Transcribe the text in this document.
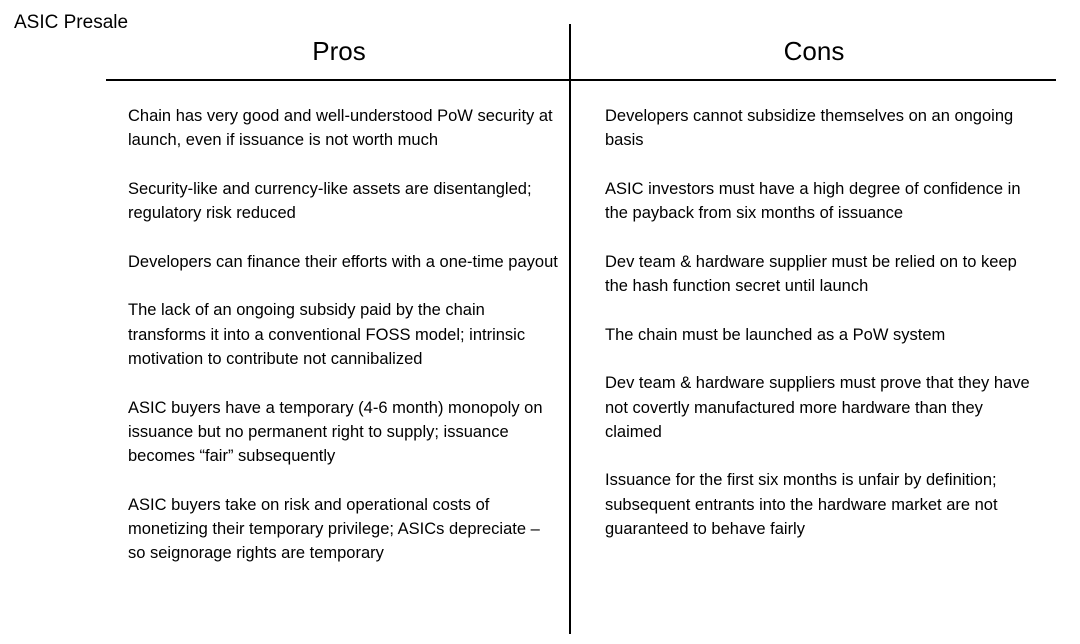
ASIC Presale
Pros	Cons
Chain has very good and well-understood PoW security at launch, even if issuance is not worth much
Security-like and currency-like assets are disentangled; regulatory risk reduced
Developers can finance their efforts with a one-time payout
The lack of an ongoing subsidy paid by the chain transforms it into a conventional FOSS model; intrinsic motivation to contribute not cannibalized
ASIC buyers have a temporary (4-6 month) monopoly on issuance but no permanent right to supply; issuance becomes “fair” subsequently
ASIC buyers take on risk and operational costs of monetizing their temporary privilege; ASICs depreciate – so seignorage rights are temporary
Developers cannot subsidize themselves on an ongoing basis
ASIC investors must have a high degree of confidence in the payback from six months of issuance
Dev team & hardware supplier must be relied on to keep the hash function secret until launch
The chain must be launched as a PoW system
Dev team & hardware suppliers must prove that they have not covertly manufactured more hardware than they claimed
Issuance for the first six months is unfair by definition; subsequent entrants into the hardware market are not guaranteed to behave fairly
